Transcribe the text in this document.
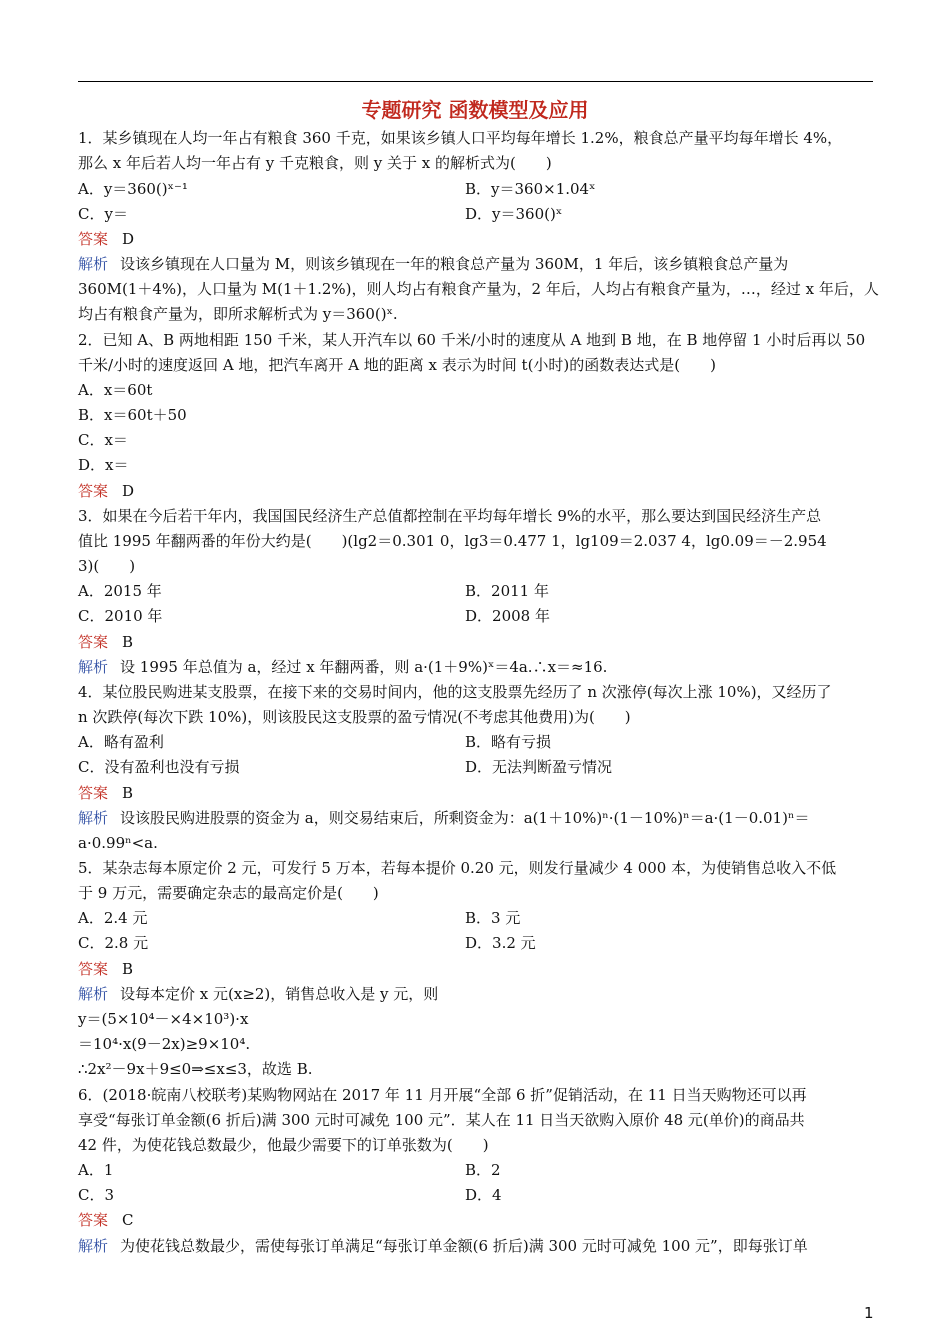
专题研究 函数模型及应用
1．某乡镇现在人均一年占有粮食 360 千克，如果该乡镇人口平均每年增长 1.2%，粮食总产量平均每年增长 4%，
那么 x 年后若人均一年占有 y 千克粮食，则 y 关于 x 的解析式为(　　)
A．y＝360()ˣ⁻¹	B．y＝360×1.04ˣ
C．y＝	D．y＝360()ˣ
答案 D
解析 设该乡镇现在人口量为 M，则该乡镇现在一年的粮食总产量为 360M，1 年后，该乡镇粮食总产量为
360M(1＋4%)，人口量为 M(1＋1.2%)，则人均占有粮食产量为，2 年后，人均占有粮食产量为，…，经过 x 年后，人
均占有粮食产量为，即所求解析式为 y＝360()ˣ.
2．已知 A、B 两地相距 150 千米，某人开汽车以 60 千米/小时的速度从 A 地到 B 地，在 B 地停留 1 小时后再以 50
千米/小时的速度返回 A 地，把汽车离开 A 地的距离 x 表示为时间 t(小时)的函数表达式是(　　)
A．x＝60t
B．x＝60t＋50
C．x＝
D．x＝
答案 D
3．如果在今后若干年内，我国国民经济生产总值都控制在平均每年增长 9%的水平，那么要达到国民经济生产总
值比 1995 年翻两番的年份大约是(　　)(lg2＝0.301 0，lg3＝0.477 1，lg109＝2.037 4，lg0.09＝－2.954
3)(　　)
A．2015 年	B．2011 年
C．2010 年	D．2008 年
答案 B
解析 设 1995 年总值为 a，经过 x 年翻两番，则 a·(1＋9%)ˣ＝4a.∴x＝≈16.
4．某位股民购进某支股票，在接下来的交易时间内，他的这支股票先经历了 n 次涨停(每次上涨 10%)，又经历了
n 次跌停(每次下跌 10%)，则该股民这支股票的盈亏情况(不考虑其他费用)为(　　)
A．略有盈利	B．略有亏损
C．没有盈利也没有亏损	D．无法判断盈亏情况
答案 B
解析 设该股民购进股票的资金为 a，则交易结束后，所剩资金为：a(1＋10%)ⁿ·(1－10%)ⁿ＝a·(1－0.01)ⁿ＝
a·0.99ⁿ<a.
5．某杂志每本原定价 2 元，可发行 5 万本，若每本提价 0.20 元，则发行量减少 4 000 本，为使销售总收入不低
于 9 万元，需要确定杂志的最高定价是(　　)
A．2.4 元	B．3 元
C．2.8 元	D．3.2 元
答案 B
解析 设每本定价 x 元(x≥2)，销售总收入是 y 元，则
y＝(5×10⁴－×4×10³)·x
＝10⁴·x(9－2x)≥9×10⁴.
∴2x²－9x＋9≤0⇒≤x≤3，故选 B.
6．(2018·皖南八校联考)某购物网站在 2017 年 11 月开展“全部 6 折”促销活动，在 11 日当天购物还可以再
享受“每张订单金额(6 折后)满 300 元时可减免 100 元”．某人在 11 日当天欲购入原价 48 元(单价)的商品共
42 件，为使花钱总数最少，他最少需要下的订单张数为(　　)
A．1	B．2
C．3	D．4
答案 C
解析 为使花钱总数最少，需使每张订单满足“每张订单金额(6 折后)满 300 元时可减免 100 元”，即每张订单
1
